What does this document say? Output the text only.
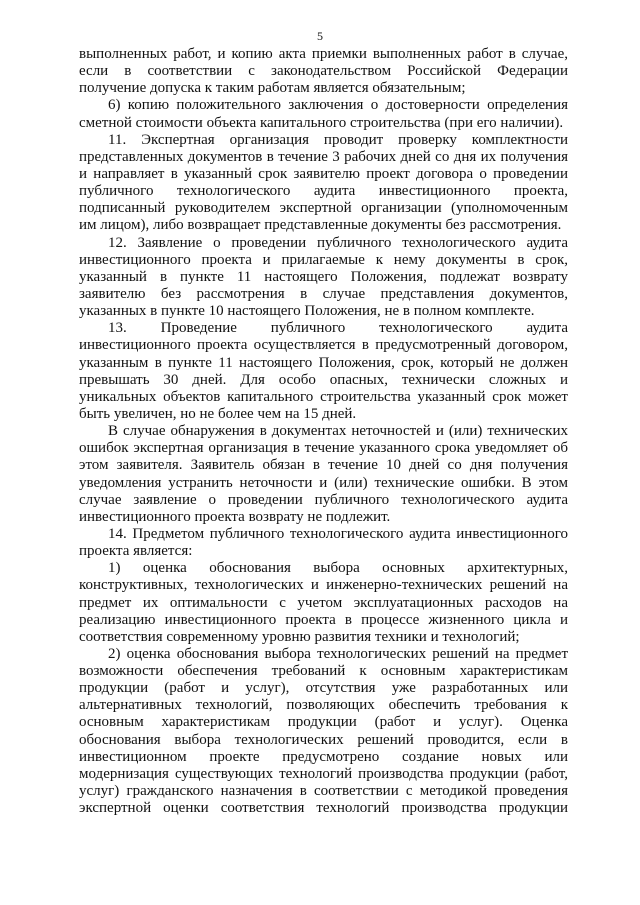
5
выполненных работ, и копию акта приемки выполненных работ в случае,
если в соответствии с законодательством Российской Федерации
получение допуска к таким работам является обязательным;
6) копию положительного заключения о достоверности определения
сметной стоимости объекта капитального строительства (при его наличии).
11. Экспертная организация проводит проверку комплектности
представленных документов в течение 3 рабочих дней со дня их получения
и направляет в указанный срок заявителю проект договора о проведении
публичного технологического аудита инвестиционного проекта,
подписанный руководителем экспертной организации (уполномоченным
им лицом), либо возвращает представленные документы без рассмотрения.
12. Заявление о проведении публичного технологического аудита
инвестиционного проекта и прилагаемые к нему документы в срок,
указанный в пункте 11 настоящего Положения, подлежат возврату
заявителю без рассмотрения в случае представления документов,
указанных в пункте 10 настоящего Положения, не в полном комплекте.
13. Проведение публичного технологического аудита
инвестиционного проекта осуществляется в предусмотренный договором,
указанным в пункте 11 настоящего Положения, срок, который не должен
превышать 30 дней. Для особо опасных, технически сложных и
уникальных объектов капитального строительства указанный срок может
быть увеличен, но не более чем на 15 дней.
В случае обнаружения в документах неточностей и (или) технических
ошибок экспертная организация в течение указанного срока уведомляет об
этом заявителя. Заявитель обязан в течение 10 дней со дня получения
уведомления устранить неточности и (или) технические ошибки. В этом
случае заявление о проведении публичного технологического аудита
инвестиционного проекта возврату не подлежит.
14. Предметом публичного технологического аудита инвестиционного
проекта является:
1) оценка обоснования выбора основных архитектурных,
конструктивных, технологических и инженерно-технических решений на
предмет их оптимальности с учетом эксплуатационных расходов на
реализацию инвестиционного проекта в процессе жизненного цикла и
соответствия современному уровню развития техники и технологий;
2) оценка обоснования выбора технологических решений на предмет
возможности обеспечения требований к основным характеристикам
продукции (работ и услуг), отсутствия уже разработанных или
альтернативных технологий, позволяющих обеспечить требования к
основным характеристикам продукции (работ и услуг). Оценка
обоснования выбора технологических решений проводится, если в
инвестиционном проекте предусмотрено создание новых или
модернизация существующих технологий производства продукции (работ,
услуг) гражданского назначения в соответствии с методикой проведения
экспертной оценки соответствия технологий производства продукции
